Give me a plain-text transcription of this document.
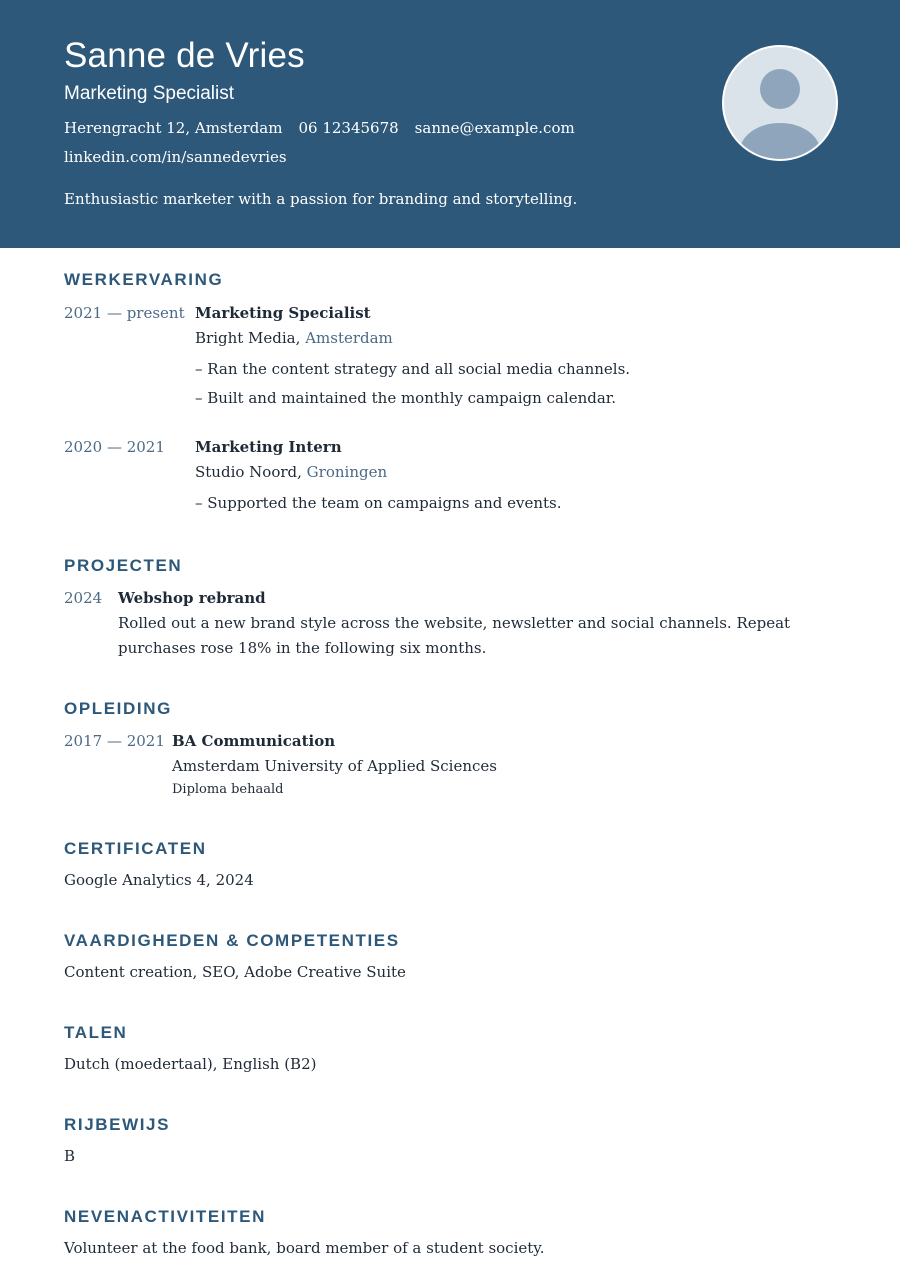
Sanne de Vries
Marketing Specialist
Herengracht 12, Amsterdam 06 12345678 sanne@example.com
linkedin.com/in/sannedevries
Enthusiastic marketer with a passion for branding and storytelling.
WERKERVARING
2021 — present Marketing Specialist
Bright Media, Amsterdam
– Ran the content strategy and all social media channels.
– Built and maintained the monthly campaign calendar.
2020 — 2021	Marketing Intern
Studio Noord, Groningen
– Supported the team on campaigns and events.
PROJECTEN
2024	Webshop rebrand
Rolled out a new brand style across the website, newsletter and social channels. Repeat purchases rose 18% in the following six months.
OPLEIDING
2017 — 2021 BA Communication
Amsterdam University of Applied Sciences
Diploma behaald
CERTIFICATEN
Google Analytics 4, 2024
VAARDIGHEDEN & COMPETENTIES
Content creation, SEO, Adobe Creative Suite
TALEN
Dutch (moedertaal), English (B2)
RIJBEWIJS
B
NEVENACTIVITEITEN
Volunteer at the food bank, board member of a student society.
